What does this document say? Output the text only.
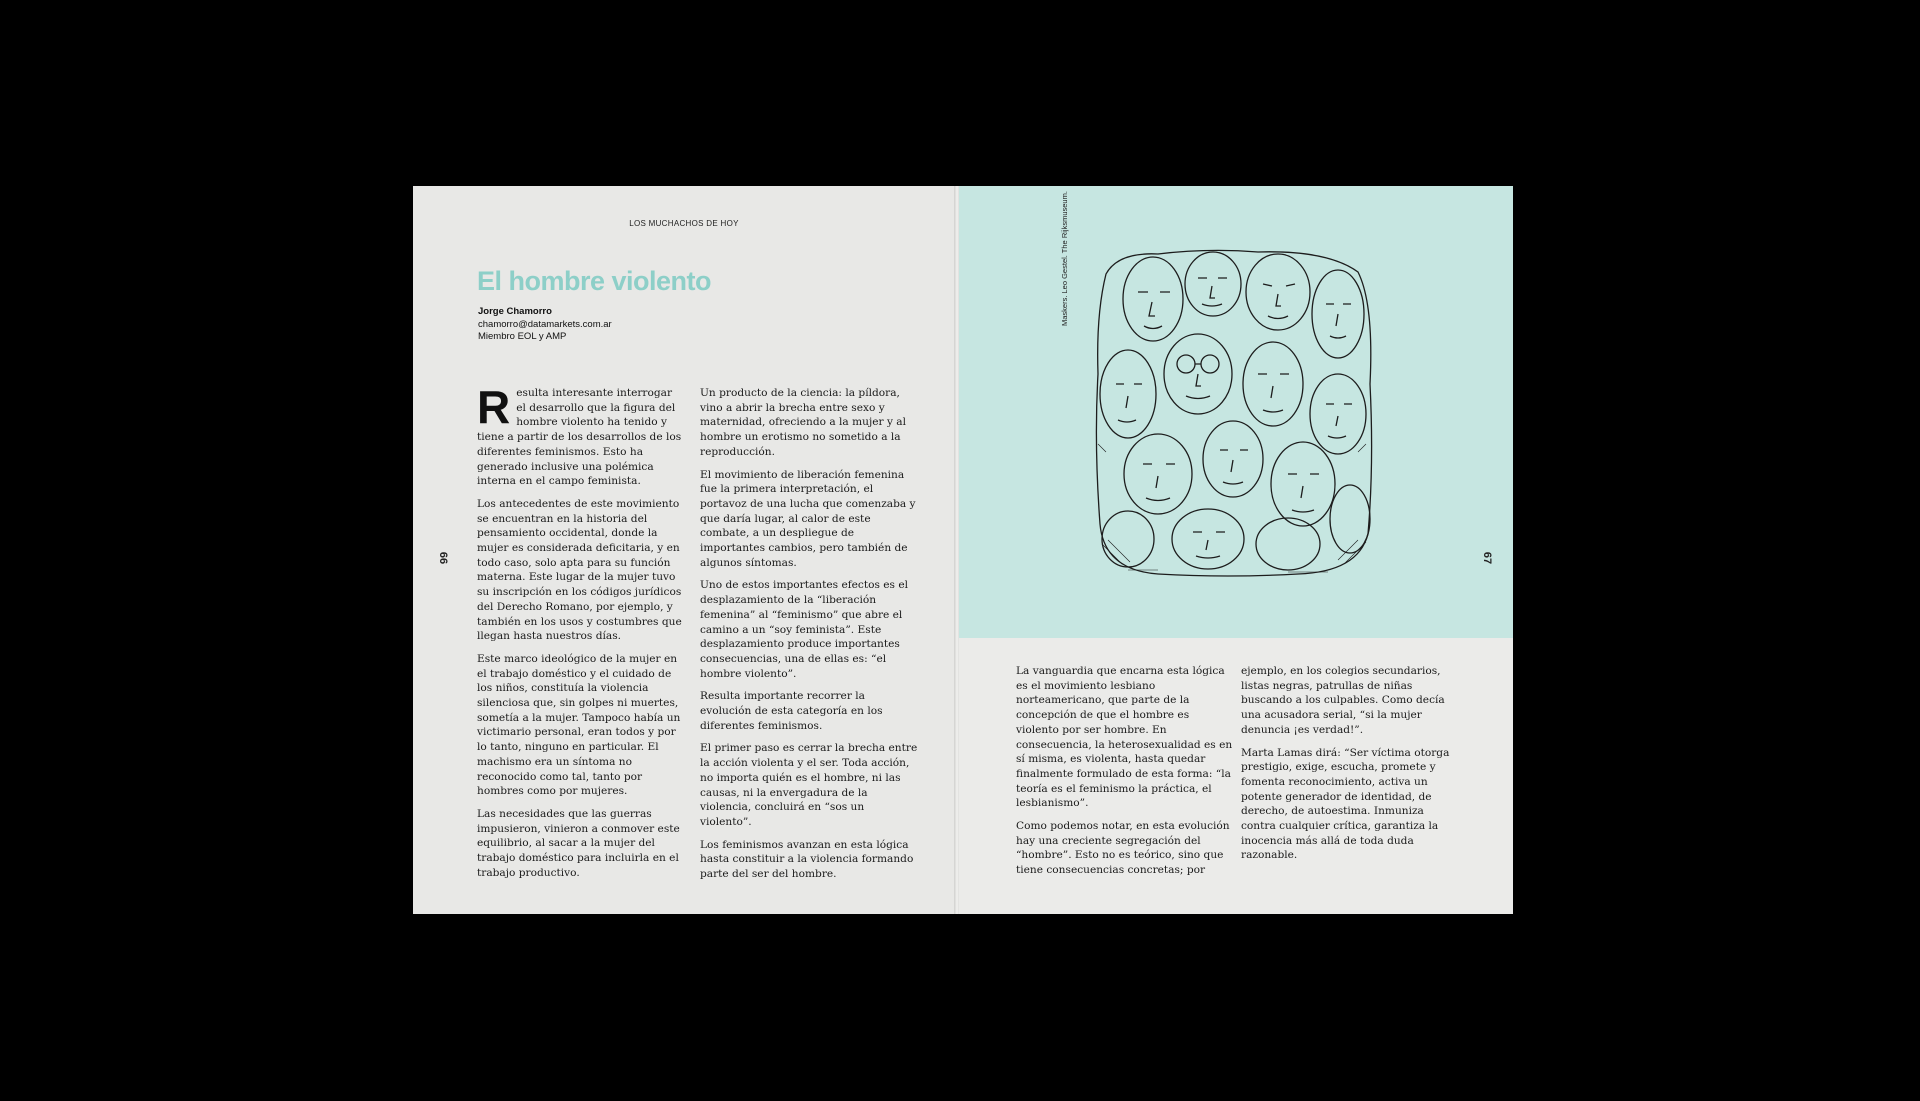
LOS MUCHACHOS DE HOY
El hombre violento
Jorge Chamorro
chamorro@datamarkets.com.ar
Miembro EOL y AMP
66

Resulta interesante interrogar el desarrollo que la figura del hombre violento ha tenido y tiene a partir de los desarrollos de los diferentes feminismos. Esto ha generado inclusive una polémica interna en el campo feminista.

Los antecedentes de este movimiento se encuentran en la historia del pensamiento occidental, donde la mujer es considerada deficitaria, y en todo caso, solo apta para su función materna. Este lugar de la mujer tuvo su inscripción en los códigos jurídicos del Derecho Romano, por ejemplo, y también en los usos y costumbres que llegan hasta nuestros días.

Este marco ideológico de la mujer en el trabajo doméstico y el cuidado de los niños, constituía la violencia silenciosa que, sin golpes ni muertes, sometía a la mujer. Tampoco había un victimario personal, eran todos y por lo tanto, ninguno en particular. El machismo era un síntoma no reconocido como tal, tanto por hombres como por mujeres.

Las necesidades que las guerras impusieron, vinieron a conmover este equilibrio, al sacar a la mujer del trabajo doméstico para incluirla en el trabajo productivo.

Un producto de la ciencia: la píldora, vino a abrir la brecha entre sexo y maternidad, ofreciendo a la mujer y al hombre un erotismo no sometido a la reproducción.

El movimiento de liberación femenina fue la primera interpretación, el portavoz de una lucha que comenzaba y que daría lugar, al calor de este combate, a un despliegue de importantes cambios, pero también de algunos síntomas.

Uno de estos importantes efectos es el desplazamiento de la “liberación femenina” al “feminismo” que abre el camino a un “soy feminista”. Este desplazamiento produce importantes consecuencias, una de ellas es: “el hombre violento”.

Resulta importante recorrer la evolución de esta categoría en los diferentes feminismos.

El primer paso es cerrar la brecha entre la acción violenta y el ser. Toda acción, no importa quién es el hombre, ni las causas, ni la envergadura de la violencia, concluirá en “sos un violento”.

Los feminismos avanzan en esta lógica hasta constituir a la violencia formando parte del ser del hombre.

Maskers. Leo Gestel. The Rijksmuseum.
67

La vanguardia que encarna esta lógica es el movimiento lesbiano norteamericano, que parte de la concepción de que el hombre es violento por ser hombre. En consecuencia, la heterosexualidad es en sí misma, es violenta, hasta quedar finalmente formulado de esta forma: “la teoría es el feminismo la práctica, el lesbianismo”.

Como podemos notar, en esta evolución hay una creciente segregación del “hombre”. Esto no es teórico, sino que tiene consecuencias concretas; por

ejemplo, en los colegios secundarios, listas negras, patrullas de niñas buscando a los culpables. Como decía una acusadora serial, “si la mujer denuncia ¡es verdad!”.

Marta Lamas dirá: “Ser víctima otorga prestigio, exige, escucha, promete y fomenta reconocimiento, activa un potente generador de identidad, de derecho, de autoestima. Inmuniza contra cualquier crítica, garantiza la inocencia más allá de toda duda razonable.
